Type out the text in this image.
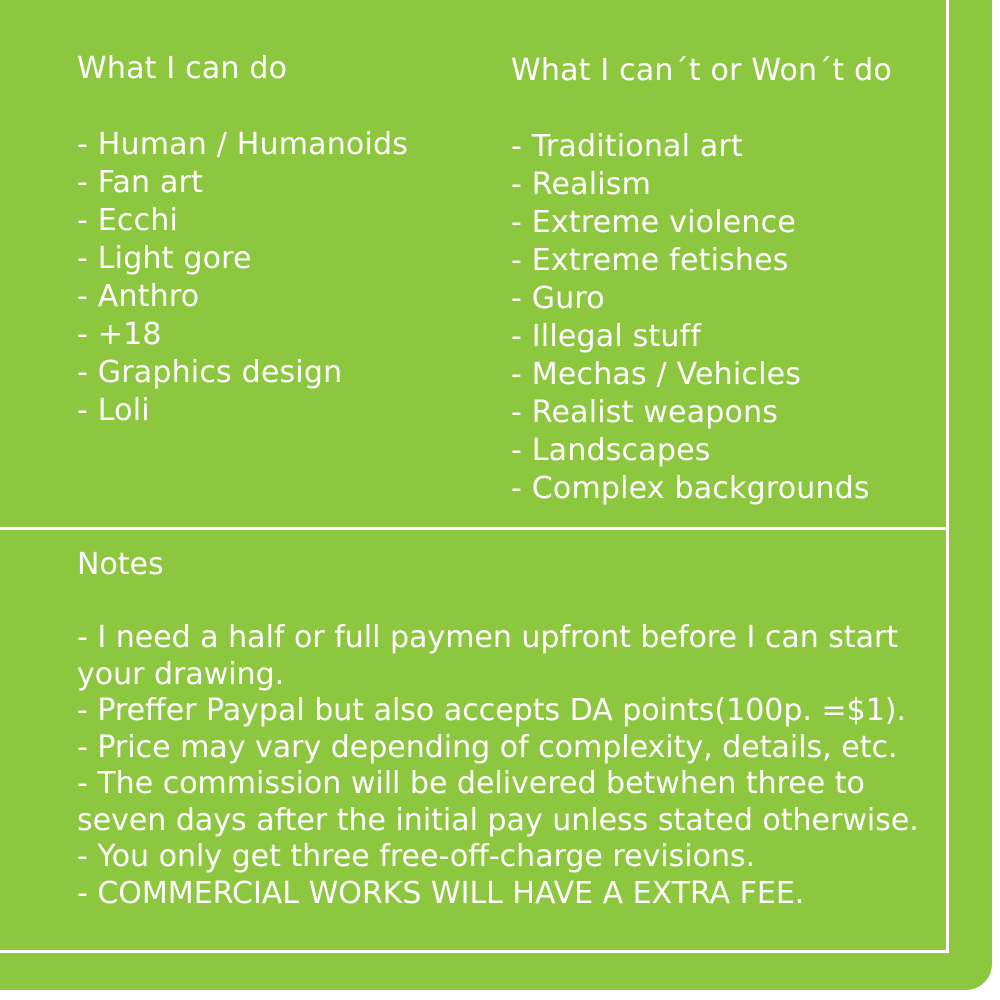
What I can do
- Human / Humanoids
- Fan art
- Ecchi
- Light gore
- Anthro
- +18
- Graphics design
- Loli
What I can´t or Won´t do
- Traditional art
- Realism
- Extreme violence
- Extreme fetishes
- Guro
- Illegal stuff
- Mechas / Vehicles
- Realist weapons
- Landscapes
- Complex backgrounds
Notes
- I need a half or full paymen upfront before I can start
your drawing.
- Preffer Paypal but also accepts DA points(100p. =$1).
- Price may vary depending of complexity, details, etc.
- The commission will be delivered betwhen three to
seven days after the initial pay unless stated otherwise.
- You only get three free-off-charge revisions.
- COMMERCIAL WORKS WILL HAVE A EXTRA FEE.
